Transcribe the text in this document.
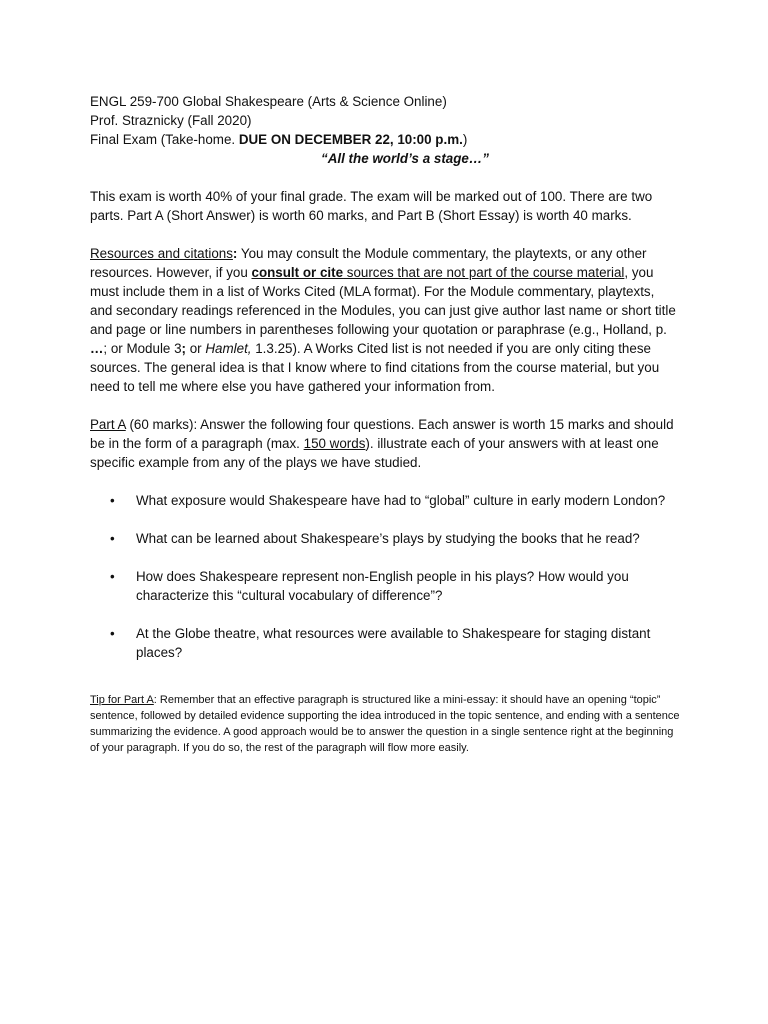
ENGL 259-700 Global Shakespeare (Arts & Science Online)

Prof. Straznicky (Fall 2020)

Final Exam (Take-home. DUE ON DECEMBER 22, 10:00 p.m.)

“All the world’s a stage…”

This exam is worth 40% of your final grade. The exam will be marked out of 100. There are two parts. Part A (Short Answer) is worth 60 marks, and Part B (Short Essay) is worth 40 marks.

Resources and citations: You may consult the Module commentary, the playtexts, or any other resources. However, if you consult or cite sources that are not part of the course material, you must include them in a list of Works Cited (MLA format). For the Module commentary, playtexts, and secondary readings referenced in the Modules, you can just give author last name or short title and page or line numbers in parentheses following your quotation or paraphrase (e.g., Holland, p. …; or Module 3; or Hamlet, 1.3.25). A Works Cited list is not needed if you are only citing these sources. The general idea is that I know where to find citations from the course material, but you need to tell me where else you have gathered your information from.

Part A (60 marks): Answer the following four questions. Each answer is worth 15 marks and should be in the form of a paragraph (max. 150 words). illustrate each of your answers with at least one specific example from any of the plays we have studied.

• What exposure would Shakespeare have had to “global” culture in early modern London?
• What can be learned about Shakespeare’s plays by studying the books that he read?
• How does Shakespeare represent non-English people in his plays? How would you characterize this “cultural vocabulary of difference”?
• At the Globe theatre, what resources were available to Shakespeare for staging distant places?

Tip for Part A: Remember that an effective paragraph is structured like a mini-essay: it should have an opening “topic” sentence, followed by detailed evidence supporting the idea introduced in the topic sentence, and ending with a sentence summarizing the evidence. A good approach would be to answer the question in a single sentence right at the beginning of your paragraph. If you do so, the rest of the paragraph will flow more easily.
